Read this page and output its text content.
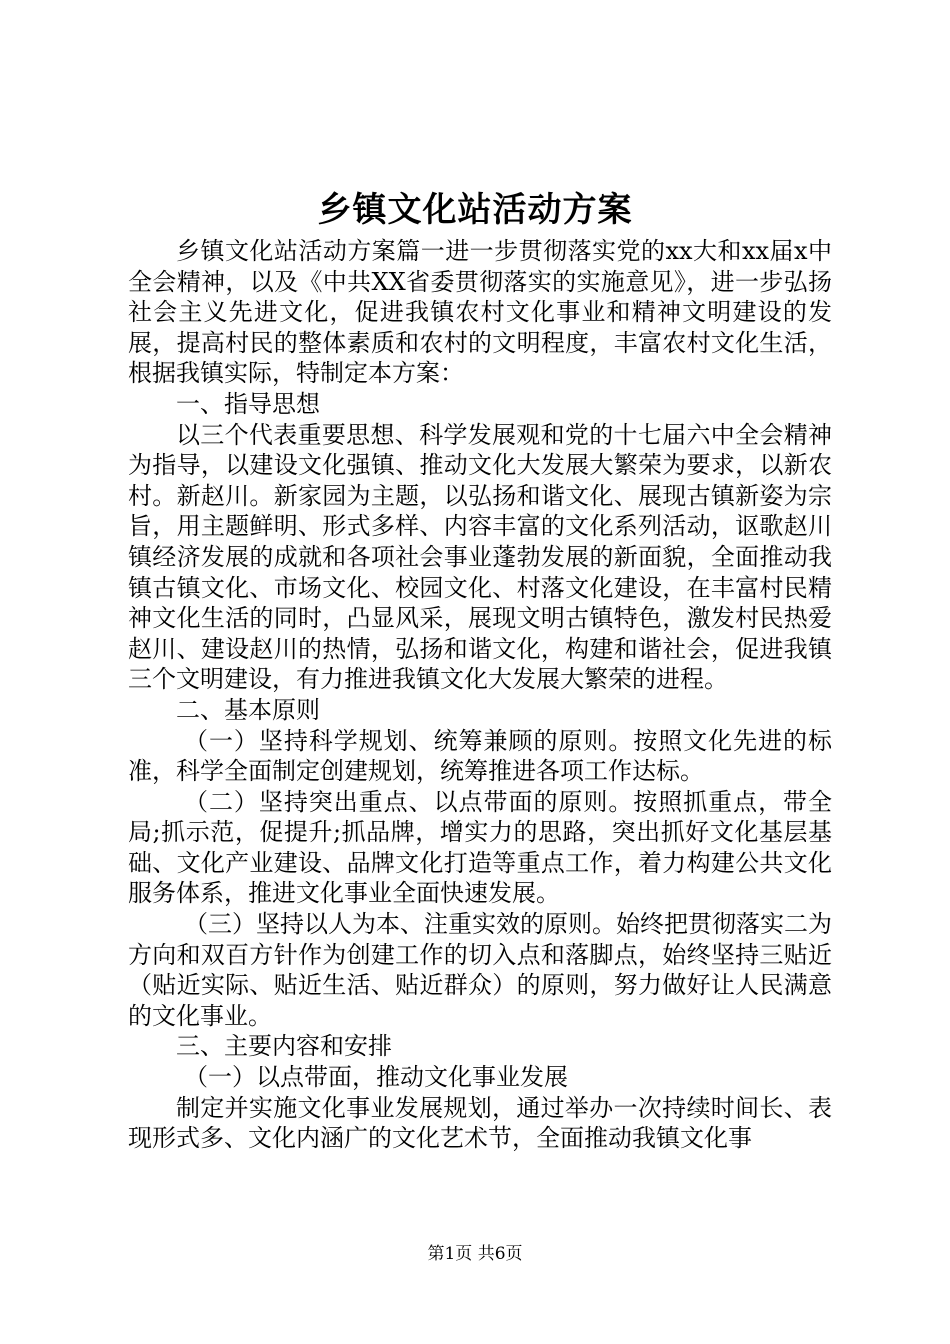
乡镇文化站活动方案

乡镇文化站活动方案篇一进一步贯彻落实党的xx大和xx届x中全会精神，以及《中共XX省委贯彻落实的实施意见》，进一步弘扬社会主义先进文化，促进我镇农村文化事业和精神文明建设的发展，提高村民的整体素质和农村的文明程度，丰富农村文化生活，根据我镇实际，特制定本方案：

一、指导思想

以三个代表重要思想、科学发展观和党的十七届六中全会精神为指导，以建设文化强镇、推动文化大发展大繁荣为要求，以新农村。新赵川。新家园为主题，以弘扬和谐文化、展现古镇新姿为宗旨，用主题鲜明、形式多样、内容丰富的文化系列活动，讴歌赵川镇经济发展的成就和各项社会事业蓬勃发展的新面貌，全面推动我镇古镇文化、市场文化、校园文化、村落文化建设，在丰富村民精神文化生活的同时，凸显风采，展现文明古镇特色，激发村民热爱赵川、建设赵川的热情，弘扬和谐文化，构建和谐社会，促进我镇三个文明建设，有力推进我镇文化大发展大繁荣的进程。

二、基本原则

（一）坚持科学规划、统筹兼顾的原则。按照文化先进的标准，科学全面制定创建规划，统筹推进各项工作达标。

（二）坚持突出重点、以点带面的原则。按照抓重点，带全局;抓示范，促提升;抓品牌，增实力的思路，突出抓好文化基层基础、文化产业建设、品牌文化打造等重点工作，着力构建公共文化服务体系，推进文化事业全面快速发展。

（三）坚持以人为本、注重实效的原则。始终把贯彻落实二为方向和双百方针作为创建工作的切入点和落脚点，始终坚持三贴近（贴近实际、贴近生活、贴近群众）的原则，努力做好让人民满意的文化事业。

三、主要内容和安排

（一）以点带面，推动文化事业发展

制定并实施文化事业发展规划，通过举办一次持续时间长、表现形式多、文化内涵广的文化艺术节，全面推动我镇文化事

第1页 共6页
